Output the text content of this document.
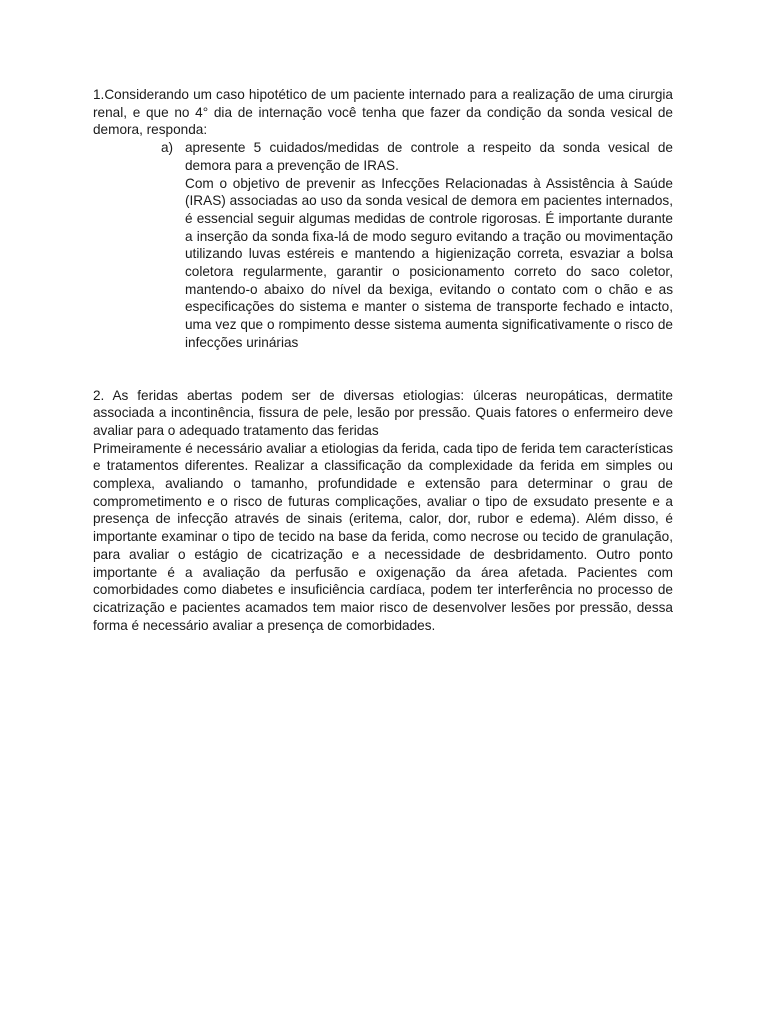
1.Considerando um caso hipotético de um paciente internado para a realização de uma cirurgia renal, e que no 4° dia de internação você tenha que fazer da condição da sonda vesical de demora, responda:

a) apresente 5 cuidados/medidas de controle a respeito da sonda vesical de demora para a prevenção de IRAS.

Com o objetivo de prevenir as Infecções Relacionadas à Assistência à Saúde (IRAS) associadas ao uso da sonda vesical de demora em pacientes internados, é essencial seguir algumas medidas de controle rigorosas. É importante durante a inserção da sonda fixa-lá de modo seguro evitando a tração ou movimentação utilizando luvas estéreis e mantendo a higienização correta, esvaziar a bolsa coletora regularmente, garantir o posicionamento correto do saco coletor, mantendo-o abaixo do nível da bexiga, evitando o contato com o chão e as especificações do sistema e manter o sistema de transporte fechado e intacto, uma vez que o rompimento desse sistema aumenta significativamente o risco de infecções urinárias

2. As feridas abertas podem ser de diversas etiologias: úlceras neuropáticas, dermatite associada a incontinência, fissura de pele, lesão por pressão. Quais fatores o enfermeiro deve avaliar para o adequado tratamento das feridas

Primeiramente é necessário avaliar a etiologias da ferida, cada tipo de ferida tem características e tratamentos diferentes. Realizar a classificação da complexidade da ferida em simples ou complexa, avaliando o tamanho, profundidade e extensão para determinar o grau de comprometimento e o risco de futuras complicações, avaliar o tipo de exsudato presente e a presença de infecção através de sinais (eritema, calor, dor, rubor e edema). Além disso, é importante examinar o tipo de tecido na base da ferida, como necrose ou tecido de granulação, para avaliar o estágio de cicatrização e a necessidade de desbridamento. Outro ponto importante é a avaliação da perfusão e oxigenação da área afetada. Pacientes com comorbidades como diabetes e insuficiência cardíaca, podem ter interferência no processo de cicatrização e pacientes acamados tem maior risco de desenvolver lesões por pressão, dessa forma é necessário avaliar a presença de comorbidades.
